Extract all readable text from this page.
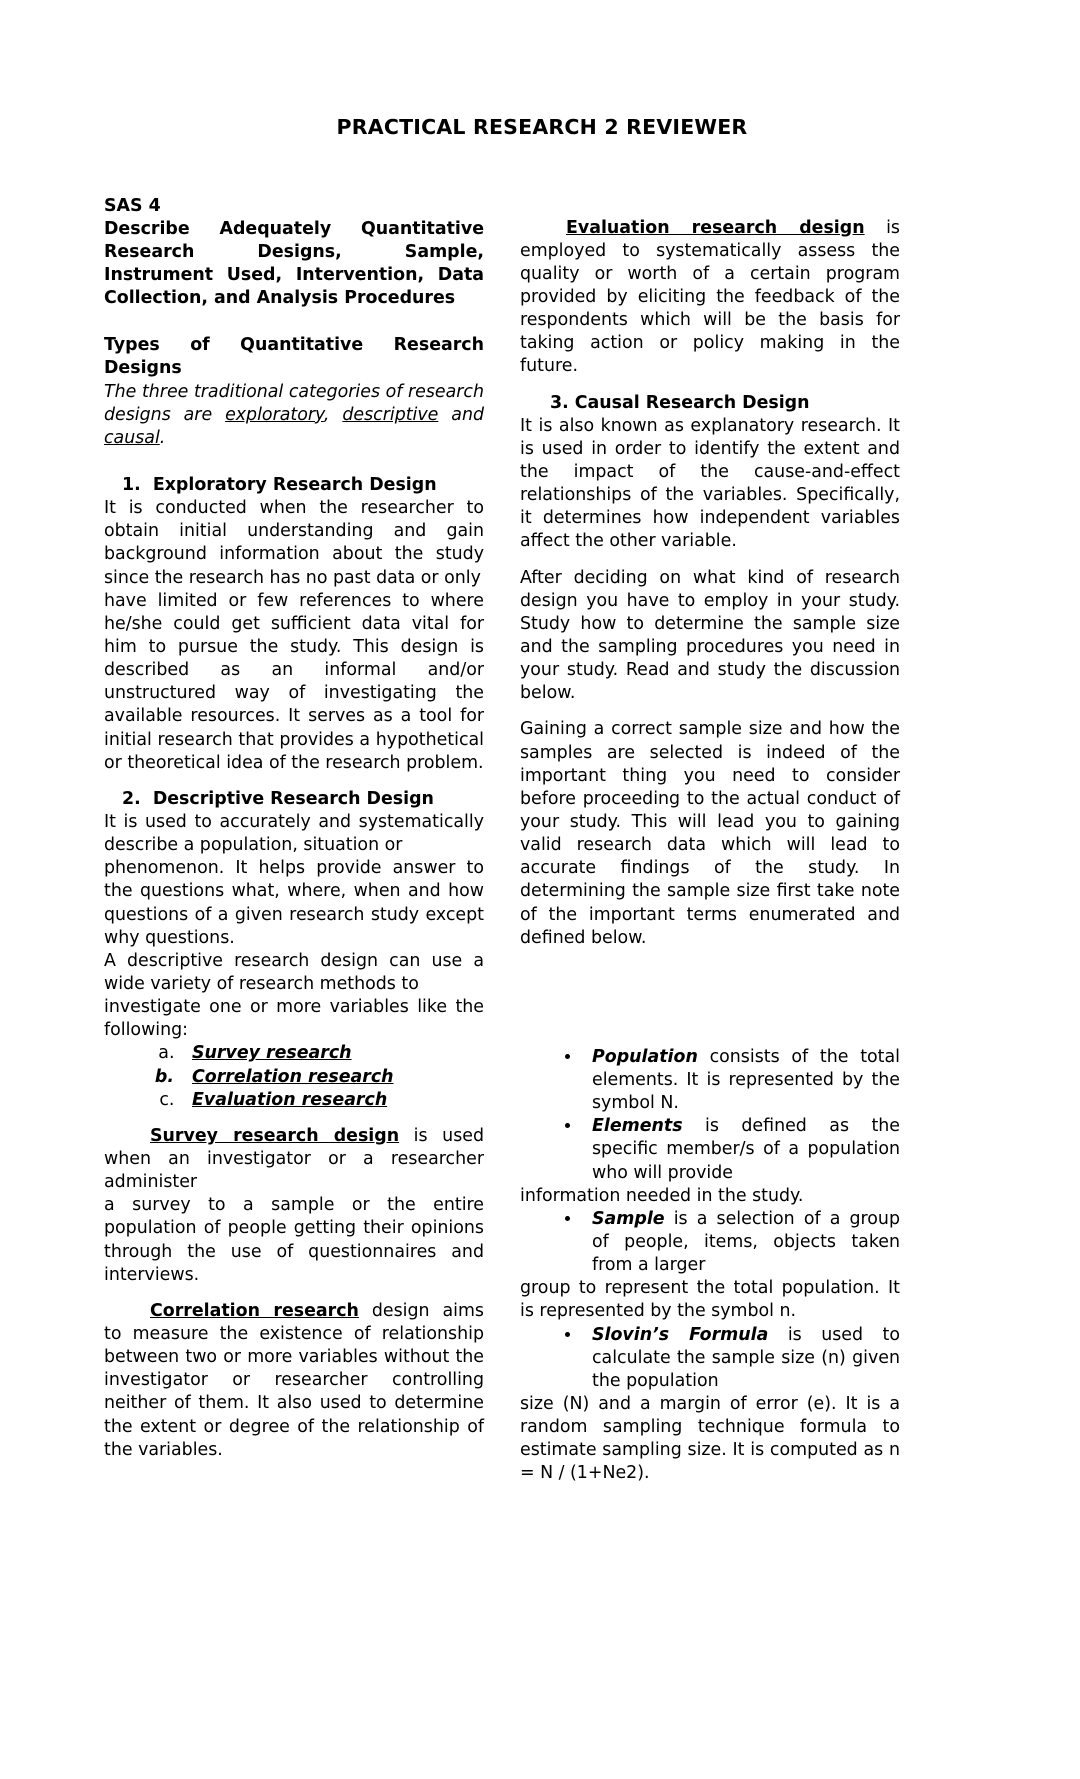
PRACTICAL RESEARCH 2 REVIEWER
SAS 4
Describe Adequately Quantitative Research Designs, Sample, Instrument Used, Intervention, Data Collection, and Analysis Procedures
Types of Quantitative Research Designs
The three traditional categories of research designs are exploratory, descriptive and causal.
1. Exploratory Research Design
It is conducted when the researcher to obtain initial understanding and gain background information about the study since the research has no past data or only
have limited or few references to where he/she could get sufficient data vital for him to pursue the study. This design is described as an informal and/or unstructured way of investigating the available resources. It serves as a tool for initial research that provides a hypothetical or theoretical idea of the research problem.
2. Descriptive Research Design
It is used to accurately and systematically describe a population, situation or
phenomenon. It helps provide answer to the questions what, where, when and how questions of a given research study except why questions.
A descriptive research design can use a wide variety of research methods to
investigate one or more variables like the following:
a. Survey research
b. Correlation research
c. Evaluation research
Survey research design is used when an investigator or a researcher administer
a survey to a sample or the entire population of people getting their opinions through the use of questionnaires and interviews.
Correlation research design aims to measure the existence of relationship between two or more variables without the investigator or researcher controlling neither of them. It also used to determine the extent or degree of the relationship of the variables.
Evaluation research design is employed to systematically assess the quality or worth of a certain program provided by eliciting the feedback of the respondents which will be the basis for taking action or policy making in the future.
3. Causal Research Design
It is also known as explanatory research. It is used in order to identify the extent and the impact of the cause-and-effect relationships of the variables. Specifically, it determines how independent variables affect the other variable.
After deciding on what kind of research design you have to employ in your study. Study how to determine the sample size and the sampling procedures you need in your study. Read and study the discussion below.
Gaining a correct sample size and how the samples are selected is indeed of the important thing you need to consider before proceeding to the actual conduct of your study. This will lead you to gaining valid research data which will lead to accurate findings of the study. In determining the sample size first take note of the important terms enumerated and defined below.
• Population consists of the total elements. It is represented by the symbol N.
• Elements is defined as the specific member/s of a population who will provide
information needed in the study.
• Sample is a selection of a group of people, items, objects taken from a larger
group to represent the total population. It is represented by the symbol n.
• Slovin’s Formula is used to calculate the sample size (n) given the population
size (N) and a margin of error (e). It is a random sampling technique formula to estimate sampling size. It is computed as n = N / (1+Ne2).
